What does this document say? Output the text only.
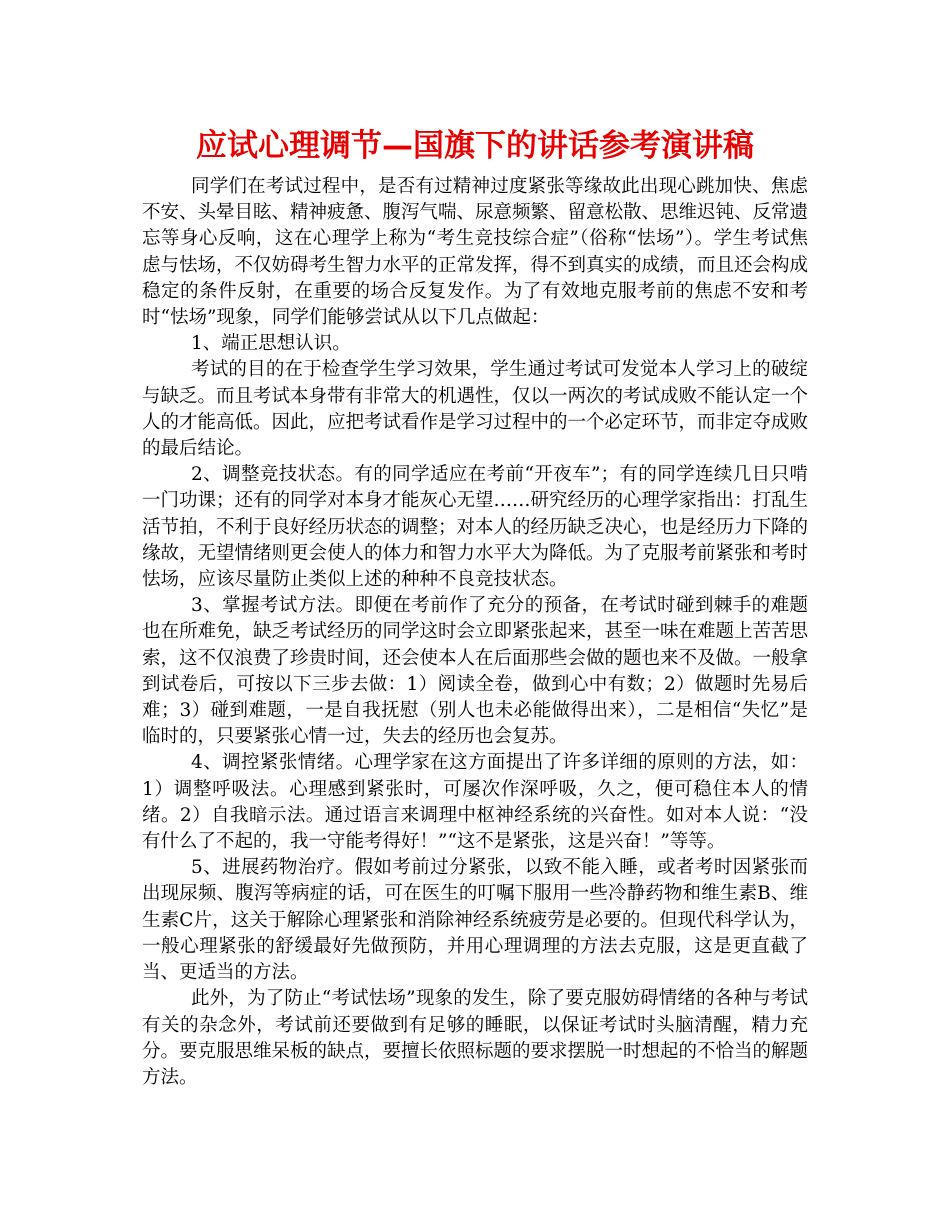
应试心理调节—国旗下的讲话参考演讲稿

同学们在考试过程中，是否有过精神过度紧张等缘故此出现心跳加快、焦虑不安、头晕目眩、精神疲惫、腹泻气喘、尿意频繁、留意松散、思维迟钝、反常遗忘等身心反响，这在心理学上称为“考生竞技综合症”（俗称“怯场”）。学生考试焦虑与怯场，不仅妨碍考生智力水平的正常发挥，得不到真实的成绩，而且还会构成稳定的条件反射，在重要的场合反复发作。为了有效地克服考前的焦虑不安和考时“怯场”现象，同学们能够尝试从以下几点做起：

1、端正思想认识。

考试的目的在于检查学生学习效果，学生通过考试可发觉本人学习上的破绽与缺乏。而且考试本身带有非常大的机遇性，仅以一两次的考试成败不能认定一个人的才能高低。因此，应把考试看作是学习过程中的一个必定环节，而非定夺成败的最后结论。

2、调整竞技状态。有的同学适应在考前“开夜车”；有的同学连续几日只啃一门功课；还有的同学对本身才能灰心无望……研究经历的心理学家指出：打乱生活节拍，不利于良好经历状态的调整；对本人的经历缺乏决心，也是经历力下降的缘故，无望情绪则更会使人的体力和智力水平大为降低。为了克服考前紧张和考时怯场，应该尽量防止类似上述的种种不良竞技状态。

3、掌握考试方法。即便在考前作了充分的预备，在考试时碰到棘手的难题也在所难免，缺乏考试经历的同学这时会立即紧张起来，甚至一味在难题上苦苦思索，这不仅浪费了珍贵时间，还会使本人在后面那些会做的题也来不及做。一般拿到试卷后，可按以下三步去做：1）阅读全卷，做到心中有数；2）做题时先易后难；3）碰到难题，一是自我抚慰（别人也未必能做得出来），二是相信“失忆”是临时的，只要紧张心情一过，失去的经历也会复苏。

4、调控紧张情绪。心理学家在这方面提出了许多详细的原则的方法，如：1）调整呼吸法。心理感到紧张时，可屡次作深呼吸，久之，便可稳住本人的情绪。2）自我暗示法。通过语言来调理中枢神经系统的兴奋性。如对本人说：“没有什么了不起的，我一守能考得好！”“这不是紧张，这是兴奋！”等等。

5、进展药物治疗。假如考前过分紧张，以致不能入睡，或者考时因紧张而出现尿频、腹泻等病症的话，可在医生的叮嘱下服用一些冷静药物和维生素B、维生素C片，这关于解除心理紧张和消除神经系统疲劳是必要的。但现代科学认为，一般心理紧张的舒缓最好先做预防，并用心理调理的方法去克服，这是更直截了当、更适当的方法。

此外，为了防止“考试怯场”现象的发生，除了要克服妨碍情绪的各种与考试有关的杂念外，考试前还要做到有足够的睡眠，以保证考试时头脑清醒，精力充分。要克服思维呆板的缺点，要擅长依照标题的要求摆脱一时想起的不恰当的解题方法。
